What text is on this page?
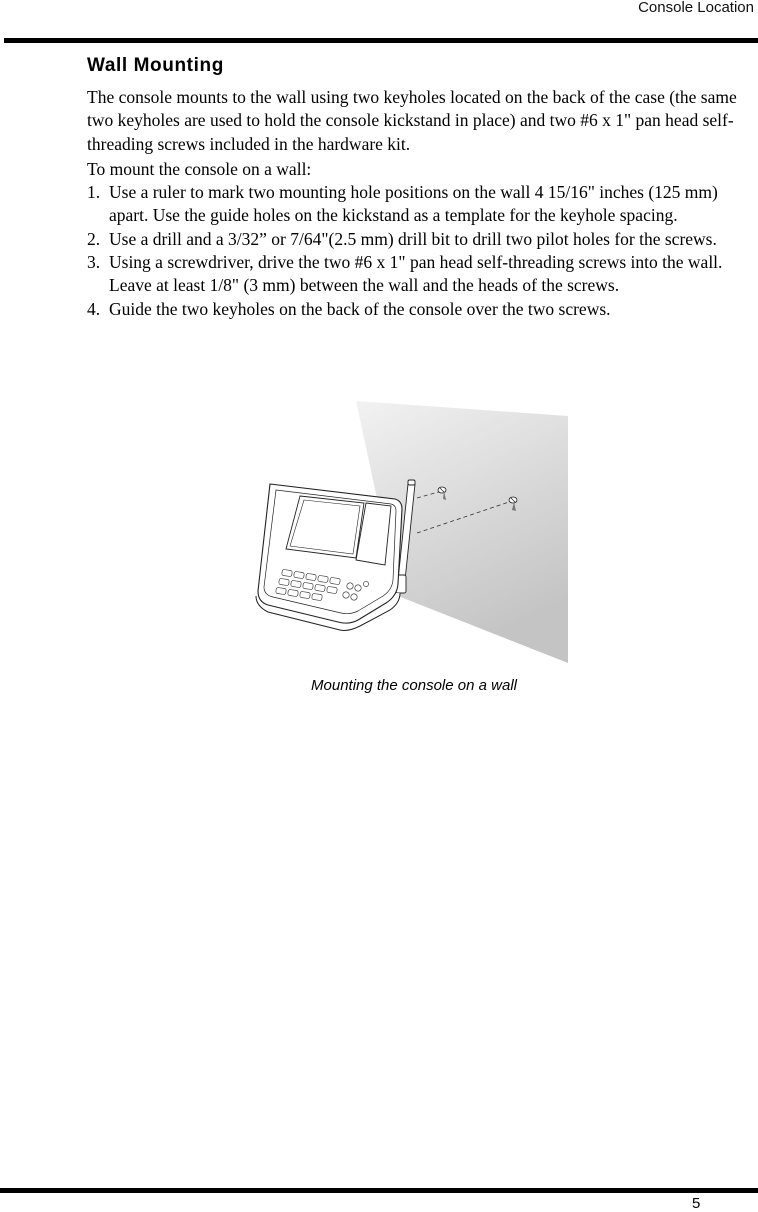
Console Location
Wall Mounting

The console mounts to the wall using two keyholes located on the back of the case (the same two keyholes are used to hold the console kickstand in place) and two #6 x 1" pan head self-threading screws included in the hardware kit.

To mount the console on a wall:

1. Use a ruler to mark two mounting hole positions on the wall 4 15/16" inches (125 mm) apart. Use the guide holes on the kickstand as a template for the keyhole spacing.
2. Use a drill and a 3/32” or 7/64"(2.5 mm) drill bit to drill two pilot holes for the screws.
3. Using a screwdriver, drive the two #6 x 1" pan head self-threading screws into the wall. Leave at least 1/8" (3 mm) between the wall and the heads of the screws.
4. Guide the two keyholes on the back of the console over the two screws.
Mounting the console on a wall
5
